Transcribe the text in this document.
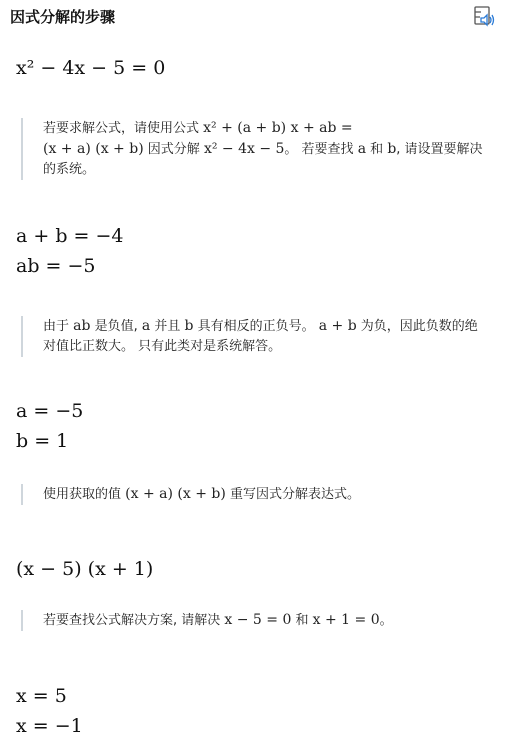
因式分解的步骤
x² − 4x − 5 = 0
若要求解公式，请使用公式 x² + (a + b) x + ab =
(x + a) (x + b) 因式分解 x² − 4x − 5。 若要查找 a 和 b, 请设置要解决的系统。
a + b = −4
ab = −5
由于 ab 是负值, a 并且 b 具有相反的正负号。 a + b 为负，因此负数的绝对值比正数大。 只有此类对是系统解答。
a = −5
b = 1
使用获取的值 (x + a) (x + b) 重写因式分解表达式。
(x − 5) (x + 1)
若要查找公式解决方案, 请解决 x − 5 = 0 和 x + 1 = 0。
x = 5
x = −1
